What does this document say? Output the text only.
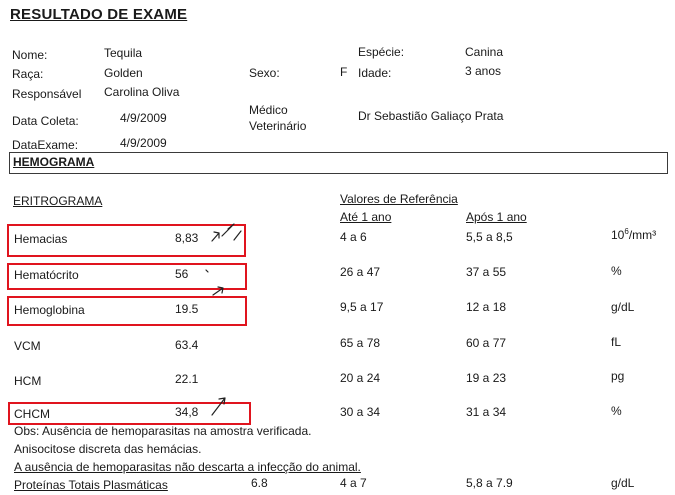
RESULTADO DE EXAME
Nome:	Tequila
Raça:	Golden
Responsável Carolina Oliva
Data Coleta:	4/9/2009
DataExame:	4/9/2009
Espécie:	Canina
Sexo:	F Idade:	3 anos
Médico
Veterinário
Dr Sebastião Galiaço Prata
HEMOGRAMA
ERITROGRAMA	Valores de Referência
Até 1 ano	Após 1 ano
Hemacias	8,83	4 a 6	5,5 a 8,5	$10^6$/mm³
Hematócrito	56	26 a 47	37 a 55	%
Hemoglobina	19.5	9,5 a 17	12 a 18	g/dL
VCM	63.4	65 a 78	60 a 77	fL
HCM	22.1	20 a 24	19 a 23	pg
CHCM	34,8	30 a 34	31 a 34	%
Obs: Ausência de hemoparasitas na amostra verificada.
Anisocitose discreta das hemácias.
A ausência de hemoparasitas não descarta a infecção do animal.
Proteínas Totais Plasmáticas	6.8	4 a 7	5,8 a 7.9	g/dL
